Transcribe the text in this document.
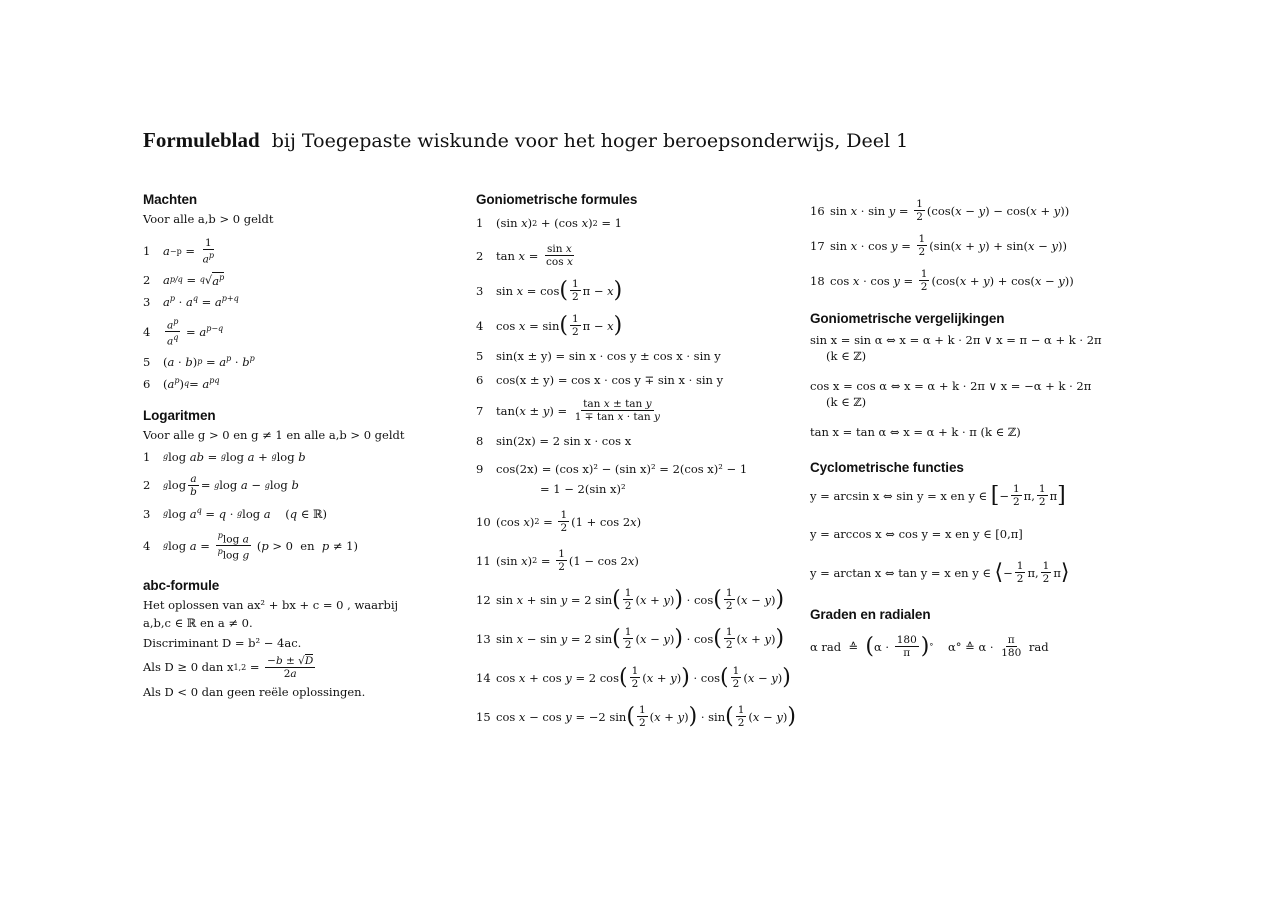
Formuleblad bij Toegepaste wiskunde voor het hoger beroepsonderwijs, Deel 1
Machten
Voor alle a,b > 0 geldt
1	a −p =
1
$a^p$
2	a p/q = q √ $a^p$
3	$a^p \cdot a^q = a^{p+q}$
4	$a^p$
$a^q = a^{p-q}$
5	( a · b ) $p = a^p \cdot b^p$
6	( $a^p$ ) $q = a^{pq}$
Logaritmen
Voor alle g > 0 en g ≠ 1 en alle a,b > 0 geldt
1	g log ab = g log a + g log b
2	g log a
b = g log a − g log b
3	g $\log a^q = q \cdot g$ log a ( q ∈ ℝ)
4	g log a =
$^p$log a
$^p$log g
( p > 0  en p ≠ 1)
abc-formule
Het oplossen van ax² + bx + c = 0 , waarbij
a,b,c ∈ ℝ en a ≠ 0.
Discriminant D = b² − 4ac.
Als D ≥ 0 dan x 1,2 = −b ± √D
2a
Als D < 0 dan geen reële oplossingen.
Goniometrische formules
1	(sin x ) 2 + (cos x ) 2 = 1
2	tan x = sin x
cos x
3	sin x = cos ( 1
2 π − x )
4	cos x = sin ( 1
2 π − x )
5	sin(x ± y) = sin x · cos y ± cos x · sin y
6	cos(x ± y) = cos x · cos y ∓ sin x · sin y
7	tan( x ± y ) = tan x ± tan y
1 ∓ tan x · tan y
8	sin(2x) = 2 sin x · cos x
9	cos(2x) = (cos x)² − (sin x)² = 2(cos x)² − 1
= 1 − 2(sin x)²
10 (cos x ) 2 = 1
2 (1 + cos 2 x )
11 (sin x ) 2 = 1
2 (1 − cos 2 x )
12 sin x + sin y = 2 sin ( 1
2 ( x + y ) ) · cos ( 1
2 ( x − y ) )
13 sin x − sin y = 2 sin ( 1
2 ( x − y ) ) · cos ( 1
2 ( x + y ) )
14 cos x + cos y = 2 cos ( 1
2 ( x + y ) ) · cos ( 1
2 ( x − y ) )
15 cos x − cos y = −2 sin ( 1
2 ( x + y ) ) · sin ( 1
2 ( x − y ) )
16 sin x · sin y = 1
2 (cos( x − y ) − cos( x + y ))
17 sin x · cos y = 1
2 (sin( x + y ) + sin( x − y ))
18 cos x · cos y = 1
2 (cos( x + y ) + cos( x − y ))
Goniometrische vergelijkingen
sin x = sin α ⇔ x = α + k · 2π ∨ x = π − α + k · 2π
(k ∈ ℤ)
cos x = cos α ⇔ x = α + k · 2π ∨ x = −α + k · 2π
(k ∈ ℤ)
tan x = tan α ⇔ x = α + k · π (k ∈ ℤ)
Cyclometrische functies
y = arcsin x ⇔ sin y = x en y ∈
[ − 1
2 π, 1
2 π ]
y = arccos x ⇔ cos y = x en y ∈ [0,π]
y = arctan x ⇔ tan y = x en y ∈
⟨ − 1
2 π, 1
2 π ⟩
Graden en radialen
α rad  ≙ ( α · 180
π ) ° α° ≙ α · π
180 rad
